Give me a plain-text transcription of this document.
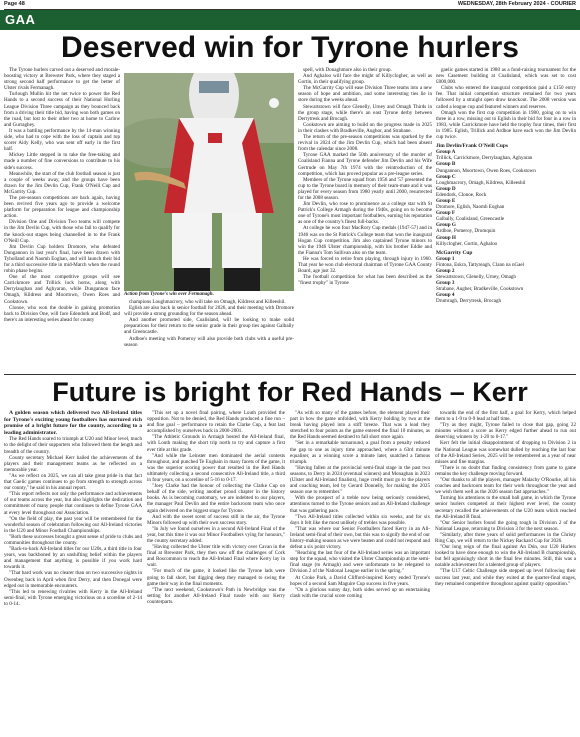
Page 48	WEDNESDAY, 28th February 2024 - COURIER
GAA
Deserved win for Tyrone hurlers

The Tyrone hurlers carved out a deserved and morale-boosting victory at Brewster Park, where they staged a strong second half performance to get the better of Ulster rivals Fermanagh.

Turlough Mullin hit the net twice to power the Red Hands to a second success of their National Hurling League Division Three campaign as they bounced back from a driving their title bid, having won both games on the road, but lost to their other two at home to Carlow and Gurraghey.

It was a battling performance by the 14-man winning side, who had to cope with the loss of captain and top scorer Aidy Kelly, who was sent off early in the first half.

Mickey Little stepped in to take the free-taking and made a number of fine conversions to contribute to his side's success.

Meanwhile, the start of the club football season is just a couple of weeks away, and the groups have been drawn for the Jim Devlin Cup, Frank O'Neill Cup and McGarrity Cup.

The pre-season competitions are back again, having been revived five years ago to provide a welcome platform for preparation for league and championship action.

Division One and Division Two teams will compete in the Jim Devlin Cup, with those who fail to qualify for the knock-out stages being channelled in to the Frank O'Neill Cup.

Jim Devlin Cup holders Dromore, who defeated Dungannon in last year's final, have been drawn with Tyholland and Naomh Eoghan, and will launch their bid for a third successive title in mid-March when the round robin phase begins.

One of the most competitive groups will see Carrickmore and Trillick lock horns, along with Derrylaughan and Aghyaran, while Dungannon face Omagh, Kildress and Moortown, Owen Roes and Cookstown.

Clonoe, who won the double in gaining promotion back to Division One, will face Edendork and Bodf, and there's an interesting series ahead for county

Action from Tyrone's win over Fermanagh.

champions Loughmacrory, who will take on Omagh, Kildress and Killeeshil.

Eglish are also back in senior football for 2026, and their meeting with Dromore will provide a strong grounding for the season ahead.

And another promoted side, Coalisland, will be looking to make solid preparations for their return to the senior grade in their group ties against Galbally and Greencastle.

Ardboe's meeting with Pomeroy will also provide both clubs with a useful pre-season

spell, with Donaghmore also in their group.

And Aghaloo will face the might of Killyclogher, as well as Gortin, in their qualifying group.

The McGarrity Cup will ease Division Three teams into a new season of hope and ambition, and some interesting ties lie in store during the weeks ahead.

Stewartstown will face Glenelly, Urney and Omagh Thirds in the group stage, while there's an east Tyrone derby between Derrytresk and Brocagh.

Cookstown are aiming to build on the progress made in 2025 in their clashes with Bradkeville, Aughor, and Strabane.

The return of the pre-season competitions was sparked by the revival in 2024 of the Jim Devlin Cup, which had been absent from the calendar since 2008.

Tyrone GAA marked the 50th anniversary of the murder of Coalisland Fianna and Tyrone defender Jim Devlin and his Wife Gertrude on May 7th 1974 with the reintroduction of the competition, which has proved popular as a pre-league series.

Members of the Tyrone squad from 1956 and '57 presented the cup to the Tyrone board in memory of their team-mate and it was played for every season from 1980 yearly until 2000, resurrected for the 2008 season.

Jim Devlin, who rose to prominence as a college star with St Patrick's College Armagh during the 1940s, going on to become one of Tyrone's most important footballers, earning his reputation as one of the country's finest full-backs.

At college he won four MacRory Cup medals (1947-57) and in 1946 was on the St Patrick's College team that won the inaugural Hogan Cup competition. Jim also captained Tyrone minors to win the 1946 Ulster championship, with his brother Eddie and the Fianna's Tom Sullivan also on the team.

He was forced to retire from playing, through injury in 1960. That year he won club electoral chairman of Tyrone GAA County Board, age just 32.

The football competition for what has been described as the "finest trophy" in Tyrone

gaelic games started in 1980 as a fund-raising tournament for the new Casement building at Coalisland, which was set to cost £800,000.

Clubs who entered the inaugural competition paid a £150 entry fee. That initial competition structure remained for two years followed by a straight open draw knockout. The 2008 version was called a league cup and featured winners and reserves.

Omagh won the first cup competition in 1980, going on to win three in a row, missing out to Eglish in their bid for four in a row in 1983, while Carrickmore have held the trophy four times, their first in 1985. Eglish, Trillick and Ardboe have each won the Jim Devlin cup twice.

Jim Devlin/Frank O'Neill Cups
Group A
Trillick, Carrickmore, Derrylaughan, Aghyaran
Group B
Dungannon, Moortown, Owen Roes, Cookstown
Group C
Loughmacrory, Omagh, Kildress, Killeeshil
Group D
Edendork, Clonoe, Rock
Group E
Dromore, Eglish, Naomh Eoghan
Group F
Galbally, Coalisland, Greencastle
Group G
Ardboe, Pomeroy, Dromquin
Group H
Killyclogher, Gortin, Aghaloo
McGarrity Cup
Group 1
Fintona, Eskra, Tattyreagh, Clann na nGael
Group 2
Stewartstown, Glenelly, Urney, Omagh
Group 3
Strabane, Augher, Bradkeville, Cookstown
Group 4
Drumragh, Derrytresk, Brocagh
Future is bright for Red Hands – Kerr

A golden season which delivered two All-Ireland titles for Tyrone's exciting young footballers has nurtured rich promise of a bright future for the county, according to a leading administrator.

The Red Hands soared to triumph at U20 and Minor level, much to the delight of their supporters who followed them the length and breadth of the country.

County secretary Michael Kerr hailed the achievements of the players and their management teams as he reflected on a memorable year.

"As we reflect on 2025, we can all take great pride in that fact that Gaelic games continues to go from strength to strength across our county," he said in his annual report.

"This report reflects not only the performance and achievements of our teams across the year, but also highlights the dedication and commitment of many people that continues to define Tyrone GAA at every level throughout our Association.

"On the field of play, the past year will be remembered for the wonderful season of celebration following our All-Ireland victories in the U20 and Minor Football Championships.

"Both these successes brought a great sense of pride to clubs and communities throughout the county.

"Back-to-back All-Ireland titles for our U20s, a third title in four years, was backboned by an unshifting belief within the players and management that anything is possible if you work hard towards it.

"That hard work was no clearer than on two successive nights in Owenbeg back in April when first Derry, and then Donegal were edged out in memorable encounters.

"This led to renewing rivalries with Kerry in the All-Ireland semi-final, with Tyrone emerging victorious on a scoreline of 2-14 to 0-14.

"This set up a novel final pairing, where Louth provided the opposition. Not to be denied, the Red Hands produced a fine run – and fine goal – performance to retain the Clarke Cup, a feat last accomplished by ourselves back in 2000-2001.

"The Athletic Grounds in Armagh hosted the All-Ireland final, with Louth making the short trip north to try and capture a first ever title at this grade.

"And while the Leinster men dominated the aerial contests throughout, and punched Te Eoghain in many facets of the game, it was the superior scoring power that resulted in the Red Hands ultimately collecting a second consecutive All-Ireland title, a third in four years, on a scoreline of 5-16 to 0-17.

"Joey Clarke had the honour of collecting the Clarke Cup on behalf of the side, writing another proud chapter in the history books. As is becoming customary, we are indebted to our players, the manager Paul Devlin and the entire backroom team who once again delivered on the biggest stage for Tyrone.

And with the sweet scent of success still in the air, the Tyrone Minors followed up with their own success story.

"In July we found ourselves in a second All-Ireland Final of the year, but this time it was our Minor Footballers vying for honours," the county secretary added.

"Having collected the Ulster title with victory over Cavan in the final at Brewster Park, they then saw off the challenges of Cork and Roscommon to reach the All-Ireland Final where Kerry lay in wait.

"For much of the game, it looked like the Tyrone lads were going to fall short, but digging deep they managed to swing the game their way in the final moments.

"The next weekend, Cookstown's Path in Newbridge was the setting for another All-Ireland Final tussle with our Kerry counterparts.

"As with so many of the games before, the element played their part in how the game unfolded, with Kerry holding by two at the break having played into a stiff breeze. That was a lead they stretched to four points as the game entered the final 10 minutes, as the Red Hands seemed destined to fall short once again.

"Set in a remarkable turnaround, a goal from a penalty reduced the gap to one as injury time approached, where a 63rd minute equaliser, as a winning score a minute later, snatched a famous triumph.

"Having fallen at the provincial semi-final stage in the past two seasons, to Derry in 2024 (eventual winners) and Monaghan in 2023 (Ulster and All-Ireland finalists), huge credit must go to the players and coaching team, led by Gerard Donnelly, for making the 2025 season one to remember."

With the prospect of a treble now being seriously considered, attentions turned to the Tyrone seniors and an All-Ireland challenge that was gathering pace.

"Two All-Ireland titles collected within six weeks, and for six days it felt like the most unlikely of trebles was possible.

"That was where our Senior Footballers faced Kerry in an All-Ireland semi-final of their own, but this was to signify the end of our history-making season as we were beaten and could not respond and defeat a six point victory.

"Reaching the last four of the All-Ireland series was an important step for the squad, who visited the Ulster Championship at the semi-final stage (to Armagh) and were unfortunate to be relegated to Division 2 of the National League earlier in the spring."

At Croke Park, a David Clifford-inspired Kerry ended Tyrone's hopes of a second Sam Maguire Cup success in five years.

"On a glorious sunny day, both sides served up an entertaining clash with the crucial score coming

towards the end of the first half, a goal for Kerry, which helped them to a 1-9 to 0-9 lead at half time.

"Try as they might, Tyrone failed to close that gap, going 22 minutes without a score as Kerry edged further ahead to run out deserving winners by 1-20 to 0-17."

Kerr felt the initial disappointment of dropping to Division 2 in the National League was somewhat dulled by reaching the last four of the All-Ireland Series, 2025 will be remembered as a year of near misses and fine margins.

"There is no doubt that finding consistency from game to game remains the key challenge moving forward.

"Our thanks to all the players, manager Malachy O'Rourke, all his coaches and backroom team for their work throughout the year and we wish them well as the 2026 season fast approaches."

Turning his attentions to the small ball game, in which the Tyrone senior hurlers competed at their highest ever level, the county secretary recalled the achievements of the U20 team which reached the All-Ireland B final.

"Our Senior hurlers found the going tough in Division 2 of the National League, returning to Division 3 for the next season.

"Similarly, after three years of solid performances in the Christy Ring Cup, we will return to the Nickey Rackard Cup for 2026.

"Our long reign of the final against An Dún, our U20 Hurlers looked to have done enough to win the All-Ireland B championship, but fell agonisingly short in the final few minutes. Still, this was a notable achievement for a talented group of players.

"The U17 Celtic Challenge side stepped up level following their success last year, and while they exited at the quarter-final stages, they remained competitive throughout against quality opposition."
